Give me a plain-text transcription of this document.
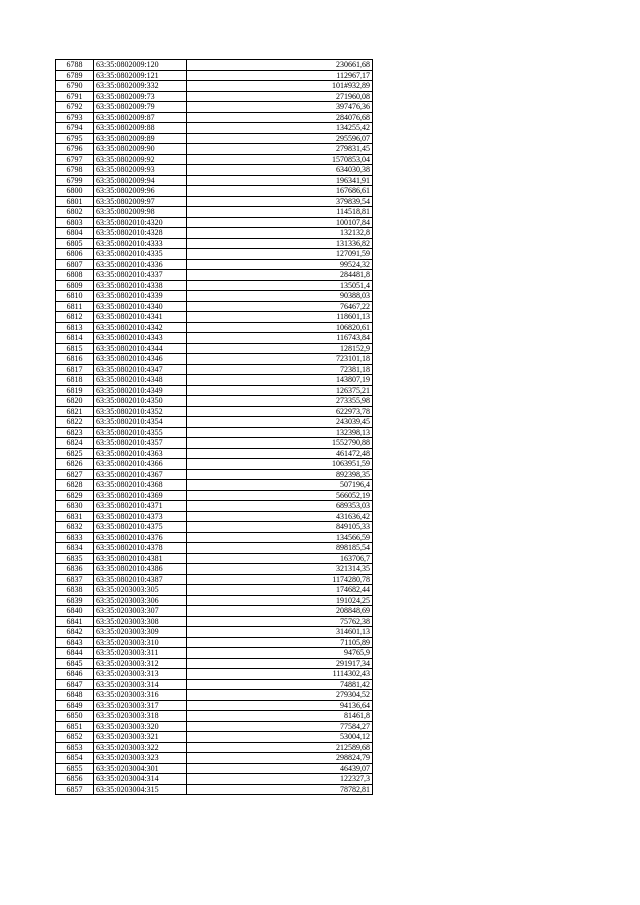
6788	63:35:0802009:120	230661,68
6789	63:35:0802009:121	112967,17
6790	63:35:0802009:332	101#932,89
6791	63:35:0802009:73	271960,08
6792	63:35:0802009:79	397476,36
6793	63:35:0802009:87	284076,68
6794	63:35:0802009:88	134255,42
6795	63:35:0802009:89	295596,07
6796	63:35:0802009:90	279831,45
6797	63:35:0802009:92	1570853,04
6798	63:35:0802009:93	634030,38
6799	63:35:0802009:94	196341,91
6800	63:35:0802009:96	167686,61
6801	63:35:0802009:97	379839,54
6802	63:35:0802009:98	114518,81
6803	63:35:0802010:4320	100107,84
6804	63:35:0802010:4328	132132,8
6805	63:35:0802010:4333	131336,82
6806	63:35:0802010:4335	127091,59
6807	63:35:0802010:4336	99524,32
6808	63:35:0802010:4337	284481,8
6809	63:35:0802010:4338	135051,4
6810	63:35:0802010:4339	90388,03
6811	63:35:0802010:4340	76467,22
6812	63:35:0802010:4341	118601,13
6813	63:35:0802010:4342	106820,61
6814	63:35:0802010:4343	116743,84
6815	63:35:0802010:4344	128152,9
6816	63:35:0802010:4346	723101,18
6817	63:35:0802010:4347	72381,18
6818	63:35:0802010:4348	143807,19
6819	63:35:0802010:4349	126375,21
6820	63:35:0802010:4350	273355,98
6821	63:35:0802010:4352	622973,78
6822	63:35:0802010:4354	243039,45
6823	63:35:0802010:4355	132398,13
6824	63:35:0802010:4357	1552790,88
6825	63:35:0802010:4363	461472,48
6826	63:35:0802010:4366	1063951,59
6827	63:35:0802010:4367	892398,35
6828	63:35:0802010:4368	507196,4
6829	63:35:0802010:4369	566052,19
6830	63:35:0802010:4371	689353,03
6831	63:35:0802010:4373	431636,42
6832	63:35:0802010:4375	849105,33
6833	63:35:0802010:4376	134566,59
6834	63:35:0802010:4378	898185,54
6835	63:35:0802010:4381	163706,7
6836	63:35:0802010:4386	321314,35
6837	63:35:0802010:4387	1174280,78
6838	63:35:0203003:305	174682,44
6839	63:35:0203003:306	191024,25
6840	63:35:0203003:307	208848,69
6841	63:35:0203003:308	75762,38
6842	63:35:0203003:309	314601,13
6843	63:35:0203003:310	71105,89
6844	63:35:0203003:311	94765,9
6845	63:35:0203003:312	291917,34
6846	63:35:0203003:313	1114302,43
6847	63:35:0203003:314	74881,42
6848	63:35:0203003:316	279304,52
6849	63:35:0203003:317	94136,64
6850	63:35:0203003:318	81461,8
6851	63:35:0203003:320	77584,27
6852	63:35:0203003:321	53004,12
6853	63:35:0203003:322	212589,68
6854	63:35:0203003:323	298824,79
6855	63:35:0203004:301	46439,07
6856	63:35:0203004:314	122327,3
6857	63:35:0203004:315	78782,81
